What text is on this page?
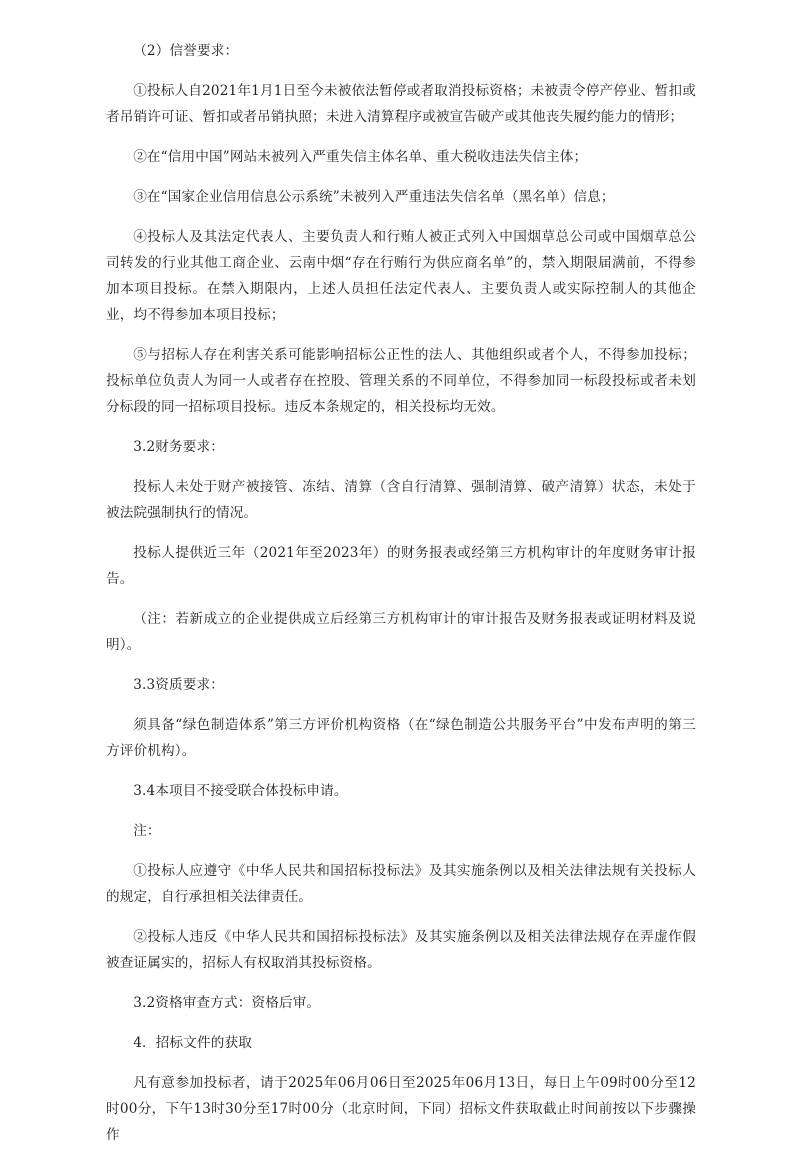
（2）信誉要求：

①投标人自2021年1月1日至今未被依法暂停或者取消投标资格；未被责令停产停业、暂扣或者吊销许可证、暂扣或者吊销执照；未进入清算程序或被宣告破产或其他丧失履约能力的情形；

②在“信用中国”网站未被列入严重失信主体名单、重大税收违法失信主体；

③在“国家企业信用信息公示系统”未被列入严重违法失信名单（黑名单）信息；

④投标人及其法定代表人、主要负责人和行贿人被正式列入中国烟草总公司或中国烟草总公司转发的行业其他工商企业、云南中烟“存在行贿行为供应商名单”的，禁入期限届满前，不得参加本项目投标。在禁入期限内，上述人员担任法定代表人、主要负责人或实际控制人的其他企业，均不得参加本项目投标；

⑤与招标人存在利害关系可能影响招标公正性的法人、其他组织或者个人，不得参加投标；投标单位负责人为同一人或者存在控股、管理关系的不同单位，不得参加同一标段投标或者未划分标段的同一招标项目投标。违反本条规定的，相关投标均无效。

3.2财务要求：

投标人未处于财产被接管、冻结、清算（含自行清算、强制清算、破产清算）状态，未处于被法院强制执行的情况。

投标人提供近三年（2021年至2023年）的财务报表或经第三方机构审计的年度财务审计报告。

（注：若新成立的企业提供成立后经第三方机构审计的审计报告及财务报表或证明材料及说明）。

3.3资质要求：

须具备“绿色制造体系”第三方评价机构资格（在“绿色制造公共服务平台”中发布声明的第三方评价机构）。

3.4本项目不接受联合体投标申请。

注：

①投标人应遵守《中华人民共和国招标投标法》及其实施条例以及相关法律法规有关投标人的规定，自行承担相关法律责任。

②投标人违反《中华人民共和国招标投标法》及其实施条例以及相关法律法规存在弄虚作假被查证属实的，招标人有权取消其投标资格。

3.2资格审查方式：资格后审。

4．招标文件的获取

凡有意参加投标者，请于2025年06月06日至2025年06月13日，每日上午09时00分至12时00分，下午13时30分至17时00分（北京时间，下同）招标文件获取截止时间前按以下步骤操作
